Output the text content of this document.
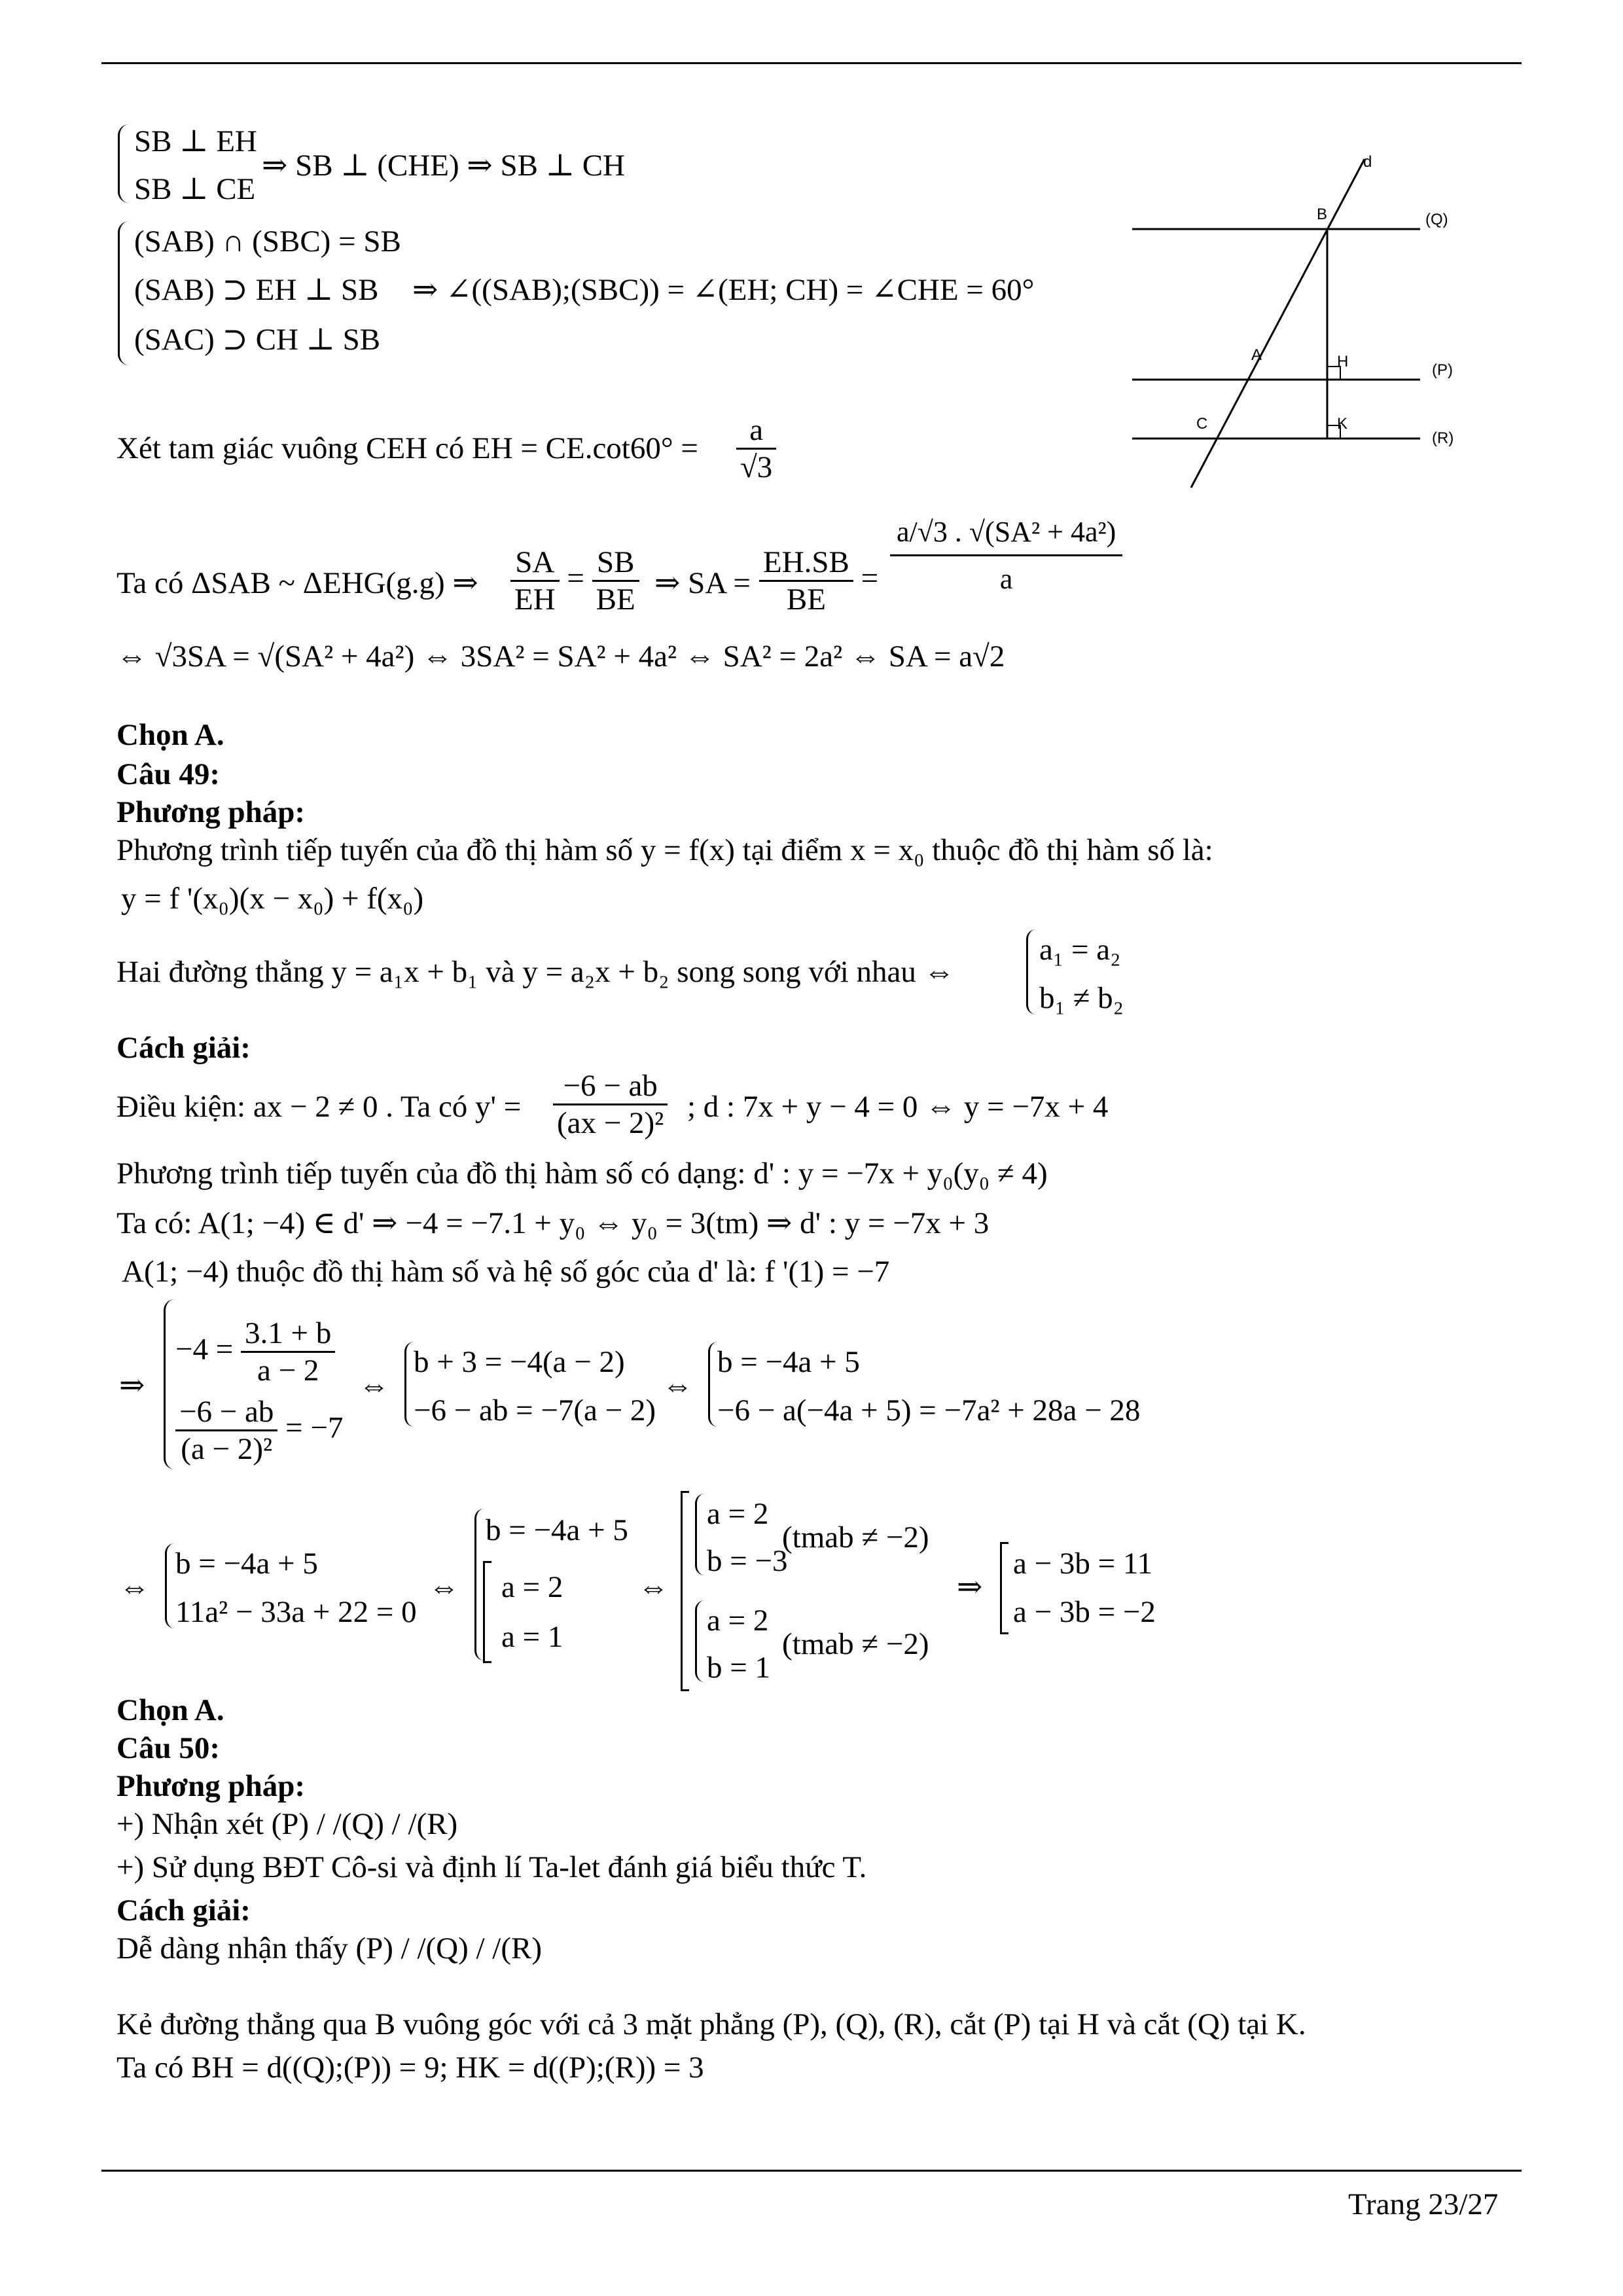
SB ⊥ EH
SB ⊥ CE
⇒ SB ⊥ (CHE) ⇒ SB ⊥ CH
(SAB) ∩ (SBC) = SB
(SAB) ⊃ EH ⊥ SB
(SAC) ⊃ CH ⊥ SB
⇒ ∠((SAB);(SBC)) = ∠(EH; CH) = ∠CHE = 60°
Xét tam giác vuông CEH có EH = $CE.\cot 60^\circ = \frac{a}{√3}$
Ta có ΔSAB ~ ΔEHG(g.g) ⇒ $\frac{SA}{EH} = \frac{SB}{BE}$ ⇒ SA = $\frac{EH.SB}{BE} = \frac{\text{a/√3 . √(SA² + 4a²)}}{a}$
⇔ √3SA = √(SA² + 4a²) ⇔ 3SA² = SA² + 4a² ⇔ SA² = 2a² ⇔ SA = a√2
Chọn A.
Câu 49:
Phương pháp:
Phương trình tiếp tuyến của đồ thị hàm số y = f(x) tại điểm x = x₀ thuộc đồ thị hàm số là:
y = f '(x₀)(x − x₀) + f(x₀)
Hai đường thẳng y = a₁x + b₁ và y = a₂x + b₂ song song với nhau ⇔
a₁ = a₂
b₁ ≠ b₂
Cách giải:
Điều kiện: ax − 2 ≠ 0 . Ta có $y' = \frac{-6 - ab}{\text{(ax − 2)²}}$ ; d : 7x + y − 4 = 0 ⇔ y = −7x + 4
Phương trình tiếp tuyến của đồ thị hàm số có dạng: d' : y = −7x + y₀(y₀ ≠ 4)
Ta có: A(1; −4) ∈ d' ⇒ −4 = −7.1 + y₀ ⇔ y₀ = 3(tm) ⇒ d' : y = −7x + 3
A(1; −4) thuộc đồ thị hàm số và hệ số góc của d' là: f '(1) = −7
⇒
$-4 = \frac{3.1 + b}{a - 2}$
$\frac{-6 - ab}{\text{(a − 2)²}} = -7$
⇔
b + 3 = −4(a − 2)
−6 − ab = −7(a − 2)
⇔
b = −4a + 5
−6 − a(−4a + 5) = −7a² + 28a − 28
⇔
b = −4a + 5
11a² − 33a + 22 = 0
⇔
b = −4a + 5
a = 2
a = 1
⇔
a = 2
b = −3
(tmab ≠ −2)
a = 2
b = 1
(tmab ≠ −2)
⇒
a − 3b = 11
a − 3b = −2
Chọn A.
Câu 50:
Phương pháp:
+) Nhận xét (P) / /(Q) / /(R)
+) Sử dụng BĐT Cô-si và định lí Ta-let đánh giá biểu thức T.
Cách giải:
Dễ dàng nhận thấy (P) / /(Q) / /(R)
Kẻ đường thẳng qua B vuông góc với cả 3 mặt phẳng (P), (Q), (R), cắt (P) tại H và cắt (Q) tại K.
Ta có BH = d((Q);(P)) = 9; HK = d((P);(R)) = 3
d
B	(Q)
A	H	(P)
C	K
(R)
Trang 23/27
